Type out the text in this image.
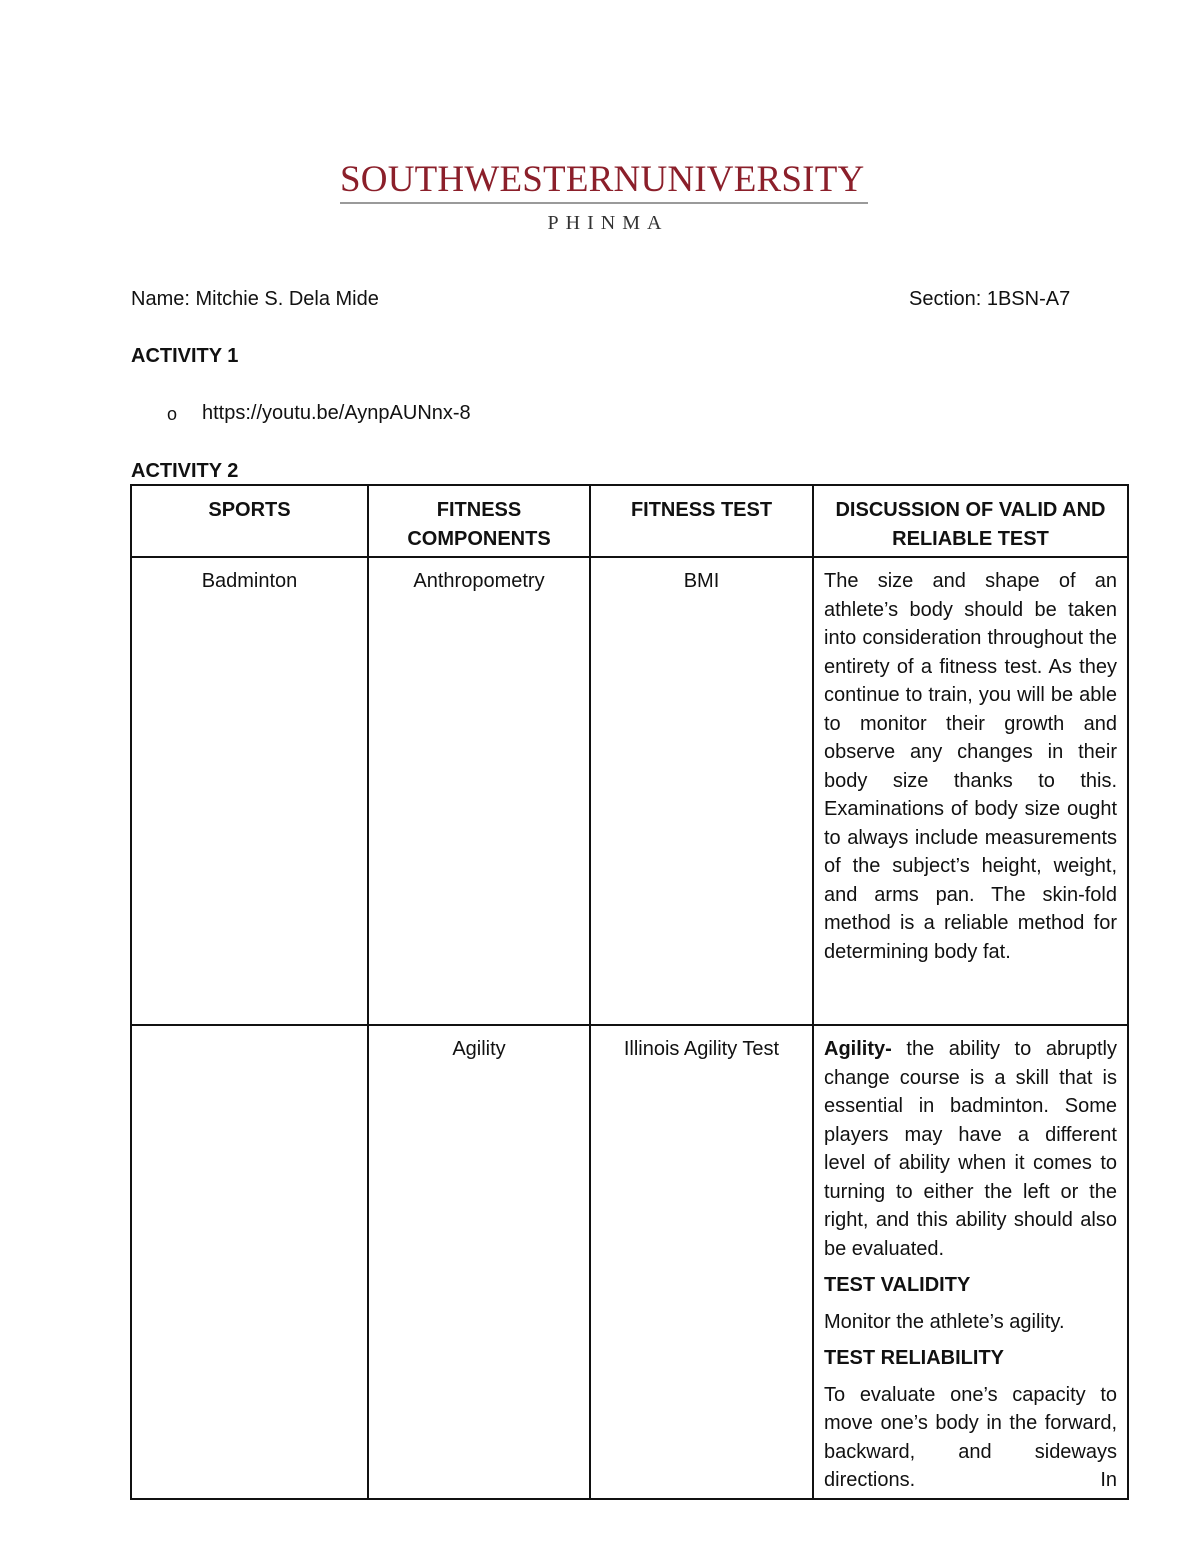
SOUTHWESTERNUNIVERSITY
PHINMA
Name: Mitchie S. Dela Mide	Section: 1BSN-A7
ACTIVITY 1
o https://youtu.be/AynpAUNnx-8
ACTIVITY 2
SPORTS	FITNESS COMPONENTS	FITNESS TEST	DISCUSSION OF VALID AND RELIABLE TEST
Badminton	Anthropometry	BMI	The size and shape of an athlete’s body should be taken into consideration throughout the entirety of a fitness test. As they continue to train, you will be able to monitor their growth and observe any changes in their body size thanks to this. Examinations of body size ought to always include measurements of the subject’s height, weight, and arms pan. The skin-fold method is a reliable method for determining body fat.
	Agility	Illinois Agility Test	Agility- the ability to abruptly change course is a skill that is essential in badminton. Some players may have a different level of ability when it comes to turning to either the left or the right, and this ability should also be evaluated.
TEST VALIDITY
Monitor the athlete’s agility.
TEST RELIABILITY
To evaluate one’s capacity to move one’s body in the forward, backward, and sideways directions. In
